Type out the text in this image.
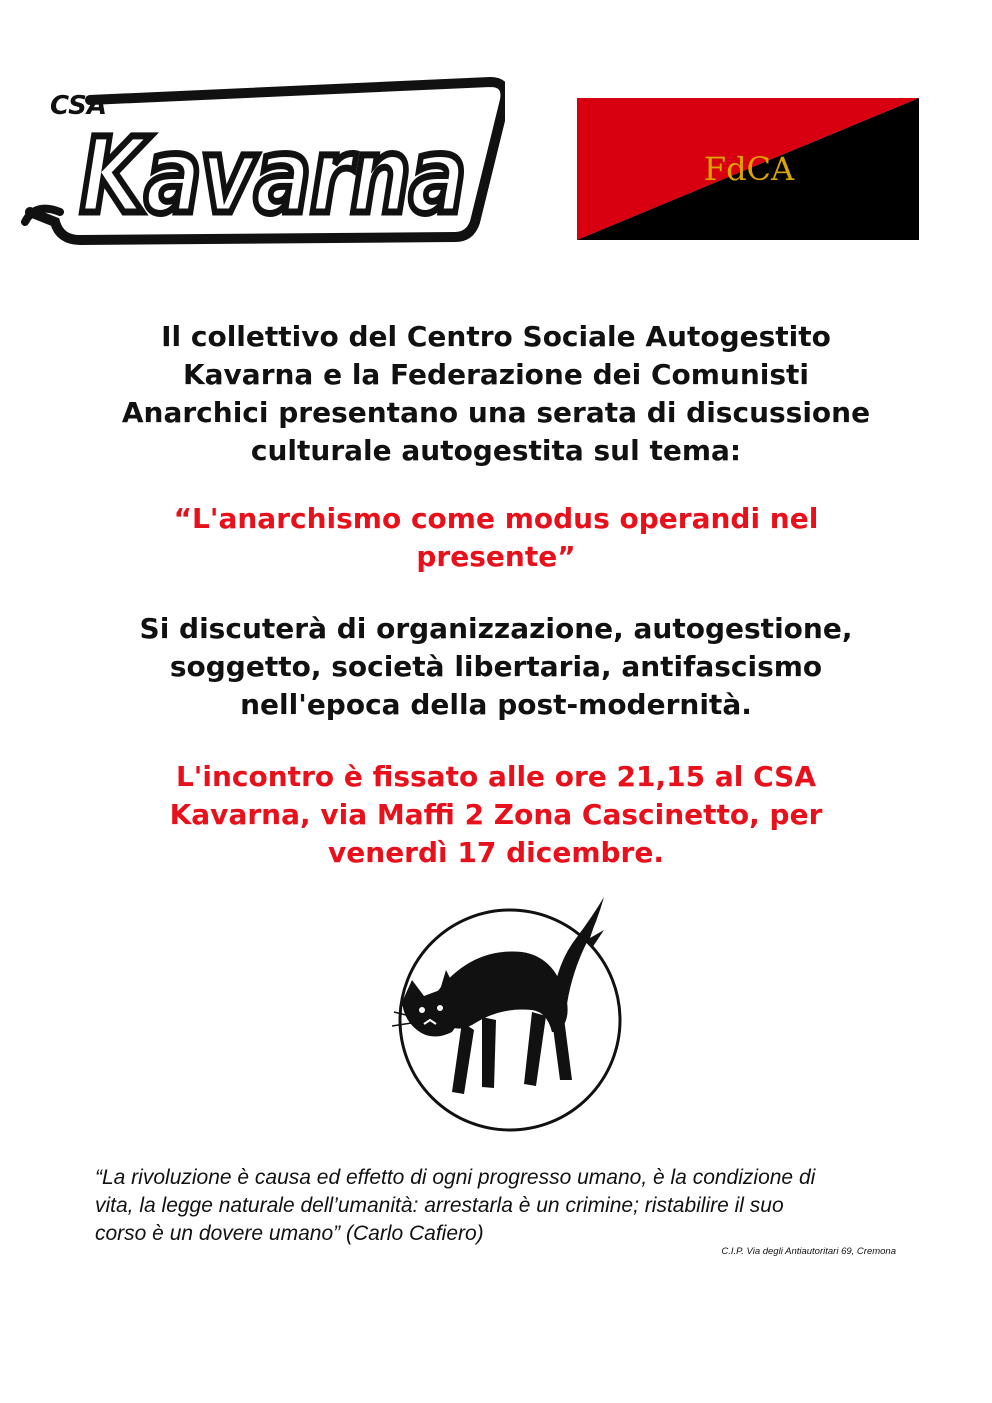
CSA
Kavarna	FdCA

Il collettivo del Centro Sociale Autogestito
Kavarna e la Federazione dei Comunisti
Anarchici presentano una serata di discussione
culturale autogestita sul tema:

“L'anarchismo come modus operandi nel
presente”

Si discuterà di organizzazione, autogestione,
soggetto, società libertaria, antifascismo
nell'epoca della post-modernità.

L'incontro è fissato alle ore 21,15 al CSA
Kavarna, via Maffi 2 Zona Cascinetto, per
venerdì 17 dicembre.

“La rivoluzione è causa ed effetto di ogni progresso umano, è la condizione di
vita, la legge naturale dell’umanità: arrestarla è un crimine; ristabilire il suo
corso è un dovere umano” (Carlo Cafiero)

C.I.P. Via degli Antiautoritari 69, Cremona
